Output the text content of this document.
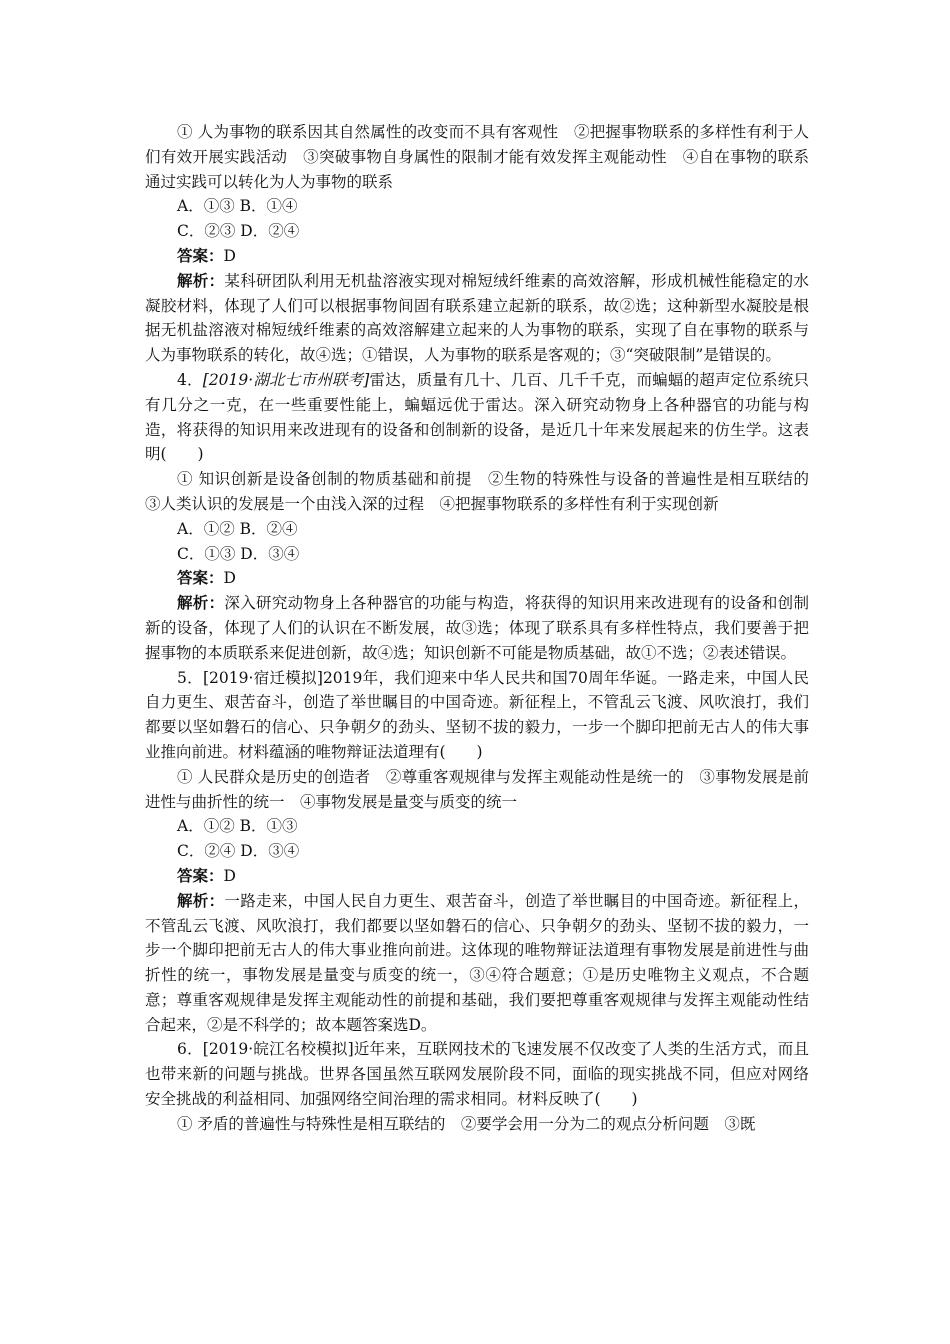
① 人为事物的联系因其自然属性的改变而不具有客观性　②把握事物联系的多样性有利于人们有效开展实践活动　③突破事物自身属性的限制才能有效发挥主观能动性　④自在事物的联系通过实践可以转化为人为事物的联系

A．①③ B．①④

C．②③ D．②④

答案：D

解析：某科研团队利用无机盐溶液实现对棉短绒纤维素的高效溶解，形成机械性能稳定的水凝胶材料，体现了人们可以根据事物间固有联系建立起新的联系，故②选；这种新型水凝胶是根据无机盐溶液对棉短绒纤维素的高效溶解建立起来的人为事物的联系，实现了自在事物的联系与人为事物联系的转化，故④选；①错误，人为事物的联系是客观的；③“突破限制”是错误的。

4．[2019·湖北七市州联考]雷达，质量有几十、几百、几千千克，而蝙蝠的超声定位系统只有几分之一克，在一些重要性能上，蝙蝠远优于雷达。深入研究动物身上各种器官的功能与构造，将获得的知识用来改进现有的设备和创制新的设备，是近几十年来发展起来的仿生学。这表明(　　)

① 知识创新是设备创制的物质基础和前提　②生物的特殊性与设备的普遍性是相互联结的　③人类认识的发展是一个由浅入深的过程　④把握事物联系的多样性有利于实现创新

A．①② B．②④

C．①③ D．③④

答案：D

解析：深入研究动物身上各种器官的功能与构造，将获得的知识用来改进现有的设备和创制新的设备，体现了人们的认识在不断发展，故③选；体现了联系具有多样性特点，我们要善于把握事物的本质联系来促进创新，故④选；知识创新不可能是物质基础，故①不选；②表述错误。

5．[2019·宿迁模拟]2019年，我们迎来中华人民共和国70周年华诞。一路走来，中国人民自力更生、艰苦奋斗，创造了举世瞩目的中国奇迹。新征程上，不管乱云飞渡、风吹浪打，我们都要以坚如磐石的信心、只争朝夕的劲头、坚韧不拔的毅力，一步一个脚印把前无古人的伟大事业推向前进。材料蕴涵的唯物辩证法道理有(　　)

① 人民群众是历史的创造者　②尊重客观规律与发挥主观能动性是统一的　③事物发展是前进性与曲折性的统一　④事物发展是量变与质变的统一

A．①② B．①③

C．②④ D．③④

答案：D

解析：一路走来，中国人民自力更生、艰苦奋斗，创造了举世瞩目的中国奇迹。新征程上，不管乱云飞渡、风吹浪打，我们都要以坚如磐石的信心、只争朝夕的劲头、坚韧不拔的毅力，一步一个脚印把前无古人的伟大事业推向前进。这体现的唯物辩证法道理有事物发展是前进性与曲折性的统一，事物发展是量变与质变的统一，③④符合题意；①是历史唯物主义观点，不合题意；尊重客观规律是发挥主观能动性的前提和基础，我们要把尊重客观规律与发挥主观能动性结合起来，②是不科学的；故本题答案选D。

6．[2019·皖江名校模拟]近年来，互联网技术的飞速发展不仅改变了人类的生活方式，而且也带来新的问题与挑战。世界各国虽然互联网发展阶段不同，面临的现实挑战不同，但应对网络安全挑战的利益相同、加强网络空间治理的需求相同。材料反映了(　　)

① 矛盾的普遍性与特殊性是相互联结的　②要学会用一分为二的观点分析问题　③既
